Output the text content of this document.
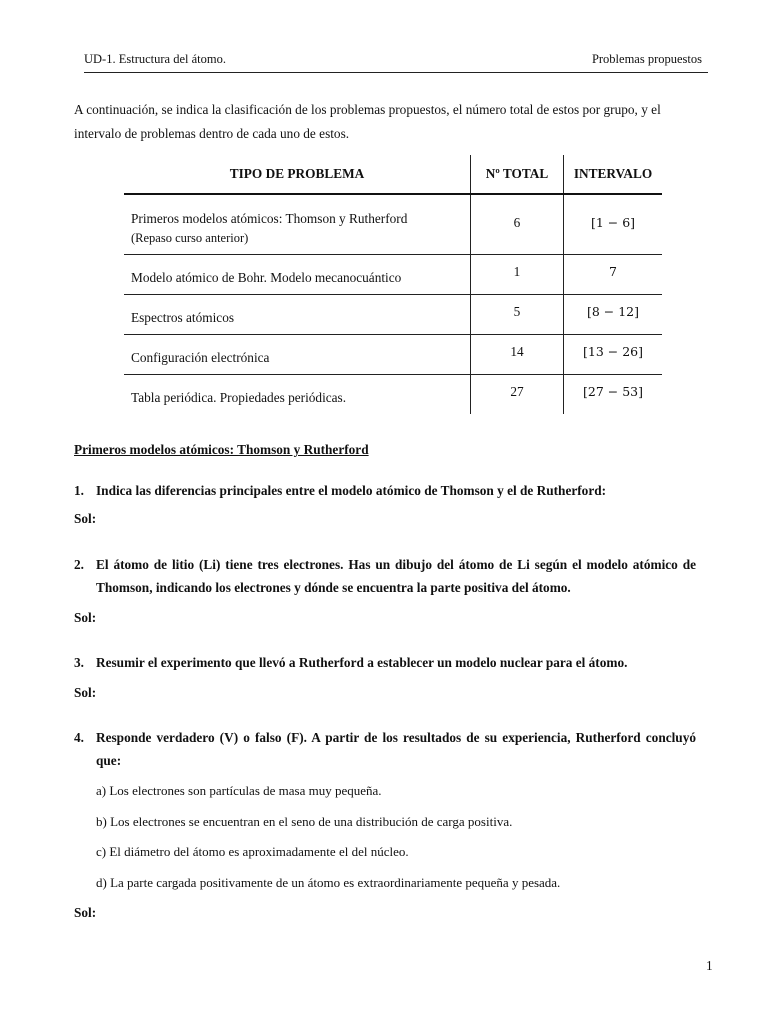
UD-1. Estructura del átomo.	Problemas propuestos
A continuación, se indica la clasificación de los problemas propuestos, el número total de estos por grupo, y el intervalo de problemas dentro de cada uno de estos.
TIPO DE PROBLEMA	Nº TOTAL	INTERVALO

Primeros modelos atómicos: Thomson y Rutherford
(Repaso curso anterior)	6	[1 − 6]

Modelo atómico de Bohr. Modelo mecanocuántico	1	7

Espectros atómicos	5	[8 − 12]

Configuración electrónica	14	[13 − 26]

Tabla periódica. Propiedades periódicas.	27	[27 − 53]
Primeros modelos atómicos: Thomson y Rutherford
1. Indica las diferencias principales entre el modelo atómico de Thomson y el de Rutherford:
Sol:
2. El átomo de litio (Li) tiene tres electrones. Has un dibujo del átomo de Li según el modelo atómico de Thomson, indicando los electrones y dónde se encuentra la parte positiva del átomo.
Sol:
3. Resumir el experimento que llevó a Rutherford a establecer un modelo nuclear para el átomo.
Sol:
4. Responde verdadero (V) o falso (F). A partir de los resultados de su experiencia, Rutherford concluyó que:
a) Los electrones son partículas de masa muy pequeña.
b) Los electrones se encuentran en el seno de una distribución de carga positiva.
c) El diámetro del átomo es aproximadamente el del núcleo.
d) La parte cargada positivamente de un átomo es extraordinariamente pequeña y pesada.
Sol:
1
